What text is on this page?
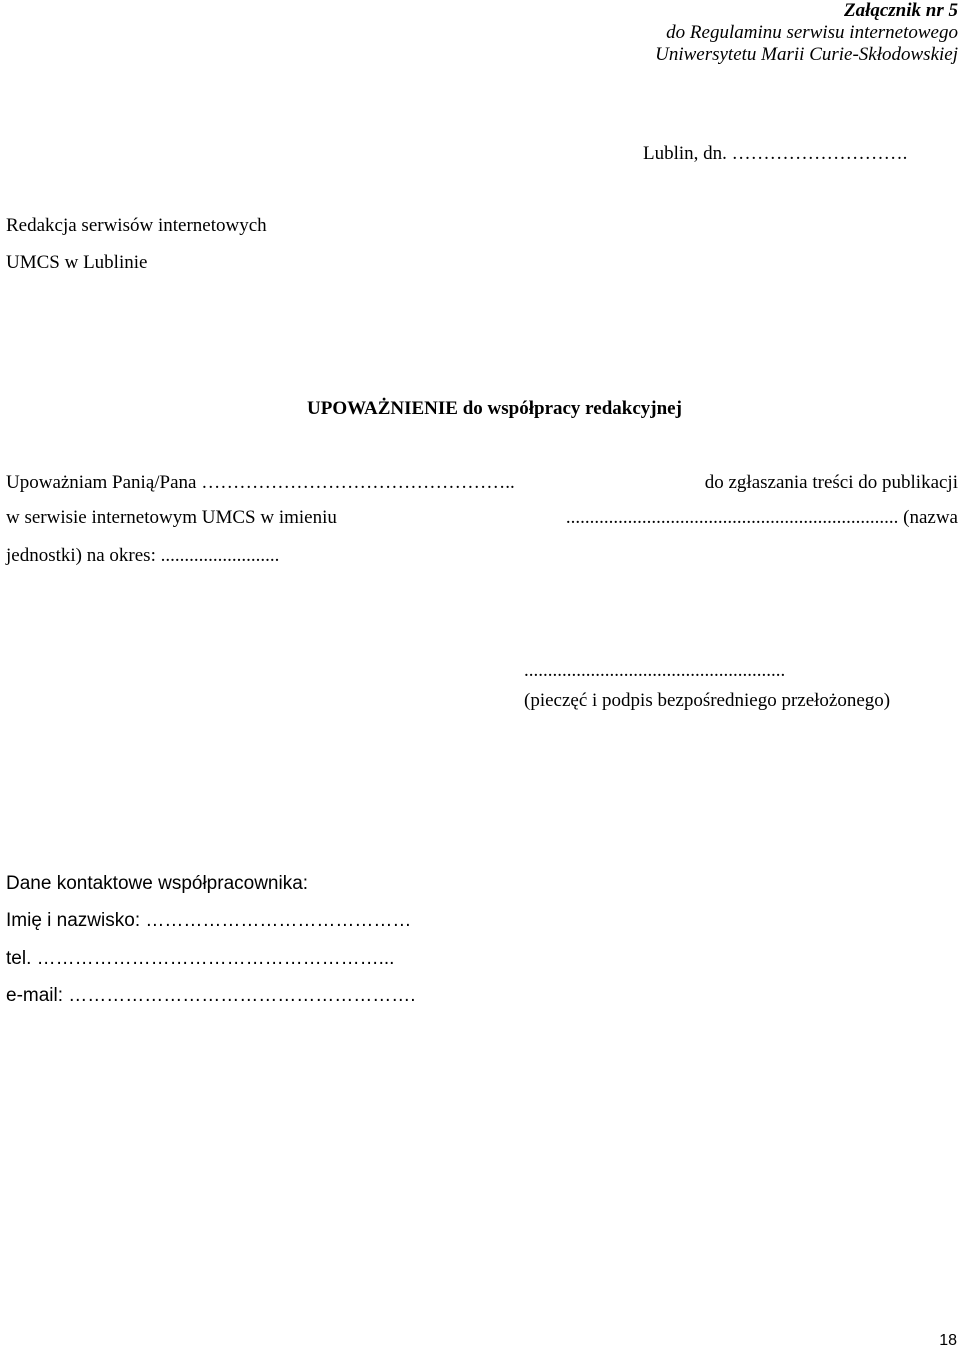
Załącznik nr 5
do Regulaminu serwisu internetowego
Uniwersytetu Marii Curie-Skłodowskiej
Lublin, dn. ……………………….
Redakcja serwisów internetowych
UMCS w Lublinie
UPOWAŻNIENIE do współpracy redakcyjnej
Upoważniam Panią/Pana …………………………………………..	do zgłaszania treści do publikacji
w serwisie internetowym UMCS w imieniu	...................................................................... (nazwa
jednostki) na okres: .........................
.......................................................
(pieczęć i podpis bezpośredniego przełożonego)
Dane kontaktowe współpracownika:
Imię i nazwisko: ……………………………………
tel. ………………………………………………...
e-mail: ……………………………………………….
18
